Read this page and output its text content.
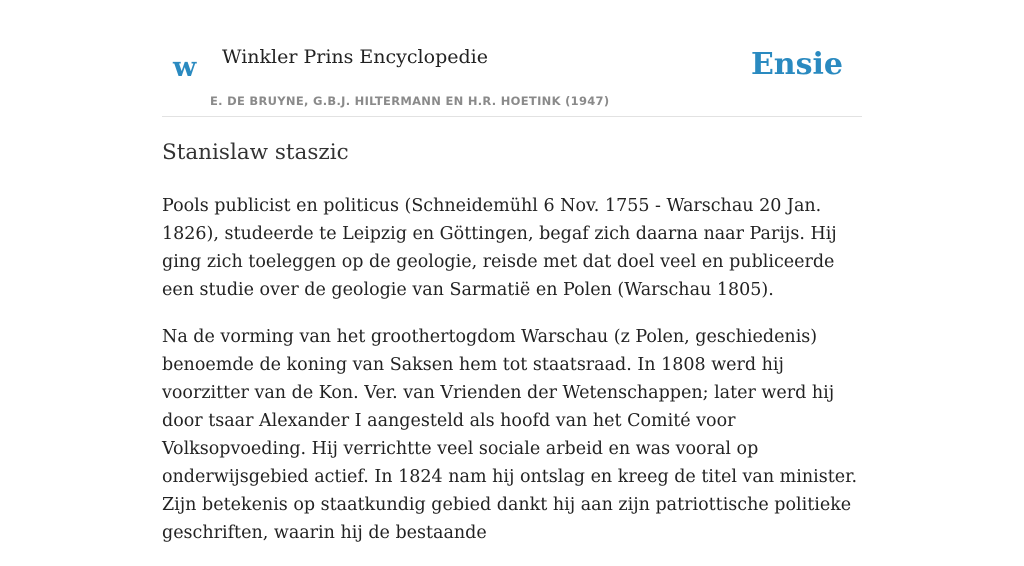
w Winkler Prins Encyclopedie
E. DE BRUYNE, G.B.J. HILTERMANN EN H.R. HOETINK (1947)
Ensie
Stanislaw staszic

Pools publicist en politicus (Schneidemühl 6 Nov. 1755 - Warschau 20 Jan. 1826), studeerde te Leipzig en Göttingen, begaf zich daarna naar Parijs. Hij ging zich toeleggen op de geologie, reisde met dat doel veel en publiceerde een studie over de geologie van Sarmatië en Polen (Warschau 1805).

Na de vorming van het groothertogdom Warschau (z Polen, geschiedenis) benoemde de koning van Saksen hem tot staatsraad. In 1808 werd hij voorzitter van de Kon. Ver. van Vrienden der Wetenschappen; later werd hij door tsaar Alexander I aangesteld als hoofd van het Comité voor Volksopvoeding. Hij verrichtte veel sociale arbeid en was vooral op onderwijsgebied actief. In 1824 nam hij ontslag en kreeg de titel van minister. Zijn betekenis op staatkundig gebied dankt hij aan zijn patriottische politieke geschriften, waarin hij de bestaande
